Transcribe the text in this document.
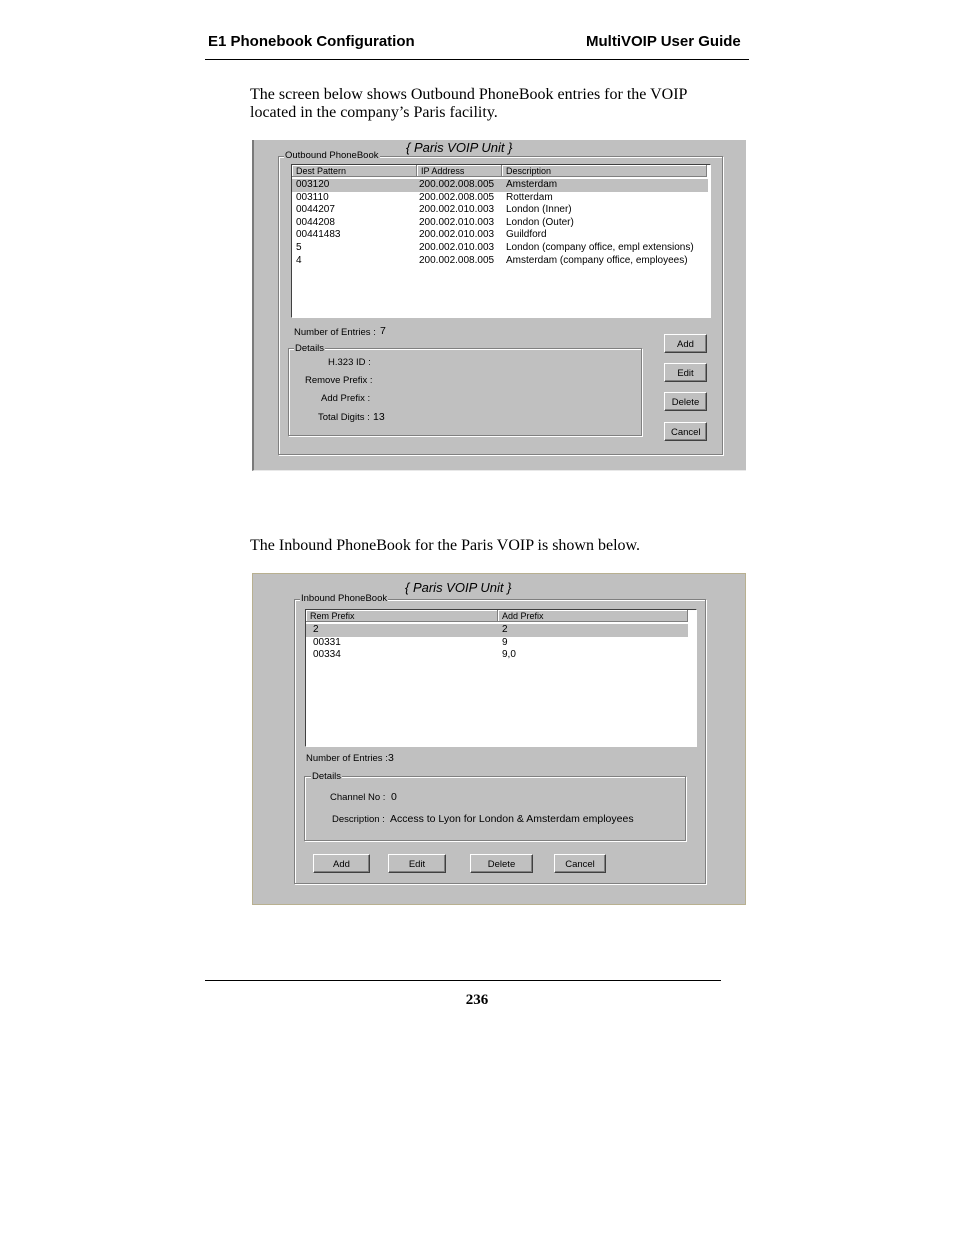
E1 Phonebook Configuration	MultiVOIP User Guide
The screen below shows Outbound PhoneBook entries for the VOIP
located in the company’s Paris facility.
Outbound PhoneBook
{ Paris VOIP Unit }
Dest Pattern	IP Address	Description
003120	200.002.008.005 Amsterdam
003110	200.002.008.005 Rotterdam
0044207	200.002.010.003 London (Inner)
0044208	200.002.010.003 London (Outer)
00441483	200.002.010.003 Guildford
5	200.002.010.003 London (company office, empl extensions)
4	200.002.008.005 Amsterdam (company office, employees)
Number of Entries : 7
Details
H.323 ID :
Remove Prefix :
Add Prefix :
Total Digits : 13
Add
Edit
Delete
Cancel
The Inbound PhoneBook for the Paris VOIP is shown below.
Inbound PhoneBook
{ Paris VOIP Unit }
Rem Prefix	Add Prefix
2	2
00331	9
00334	9,0
Number of Entries : 3
Details
Channel No : 0
Description : Access to Lyon for London & Amsterdam employees
Add	Edit	Delete	Cancel
236
